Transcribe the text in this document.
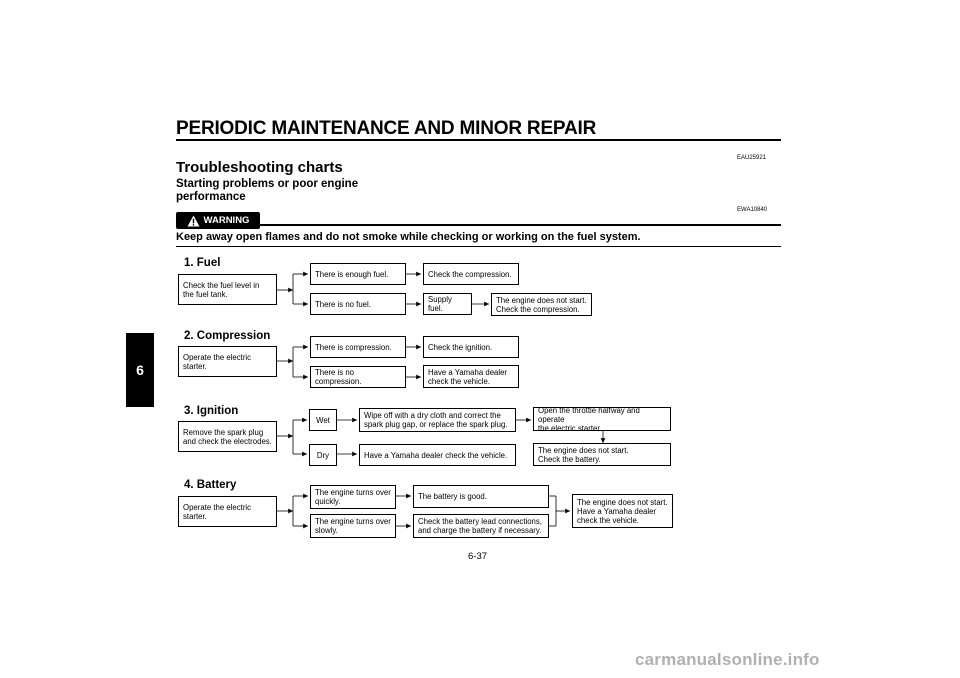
PERIODIC MAINTENANCE AND MINOR REPAIR
6
EAU25921
Troubleshooting charts
Starting problems or poor engine performance
EWA10840
WARNING
Keep away open flames and do not smoke while checking or working on the fuel system.
1. Fuel
Check the fuel level in
the fuel tank.
There is enough fuel.	Check the compression.
There is no fuel.	Supply fuel.
The engine does not start.
Check the compression.
2. Compression
Operate the electric starter.
There is compression.	Check the ignition.
There is no compression.
Have a Yamaha dealer
check the vehicle.
3. Ignition
Remove the spark plug
and check the electrodes.
Wet	Wipe off with a dry cloth and correct the
spark plug gap, or replace the spark plug.
Open the throttle halfway and operate
the electric starter.
The engine does not start.
Check the battery.
Dry	Have a Yamaha dealer check the vehicle.
4. Battery
Operate the electric starter.
The engine turns over
quickly.
The battery is good.
The engine turns over
slowly.
Check the battery lead connections,
and charge the battery if necessary.
The engine does not start.
Have a Yamaha dealer
check the vehicle.
6-37
carmanualsonline.info
